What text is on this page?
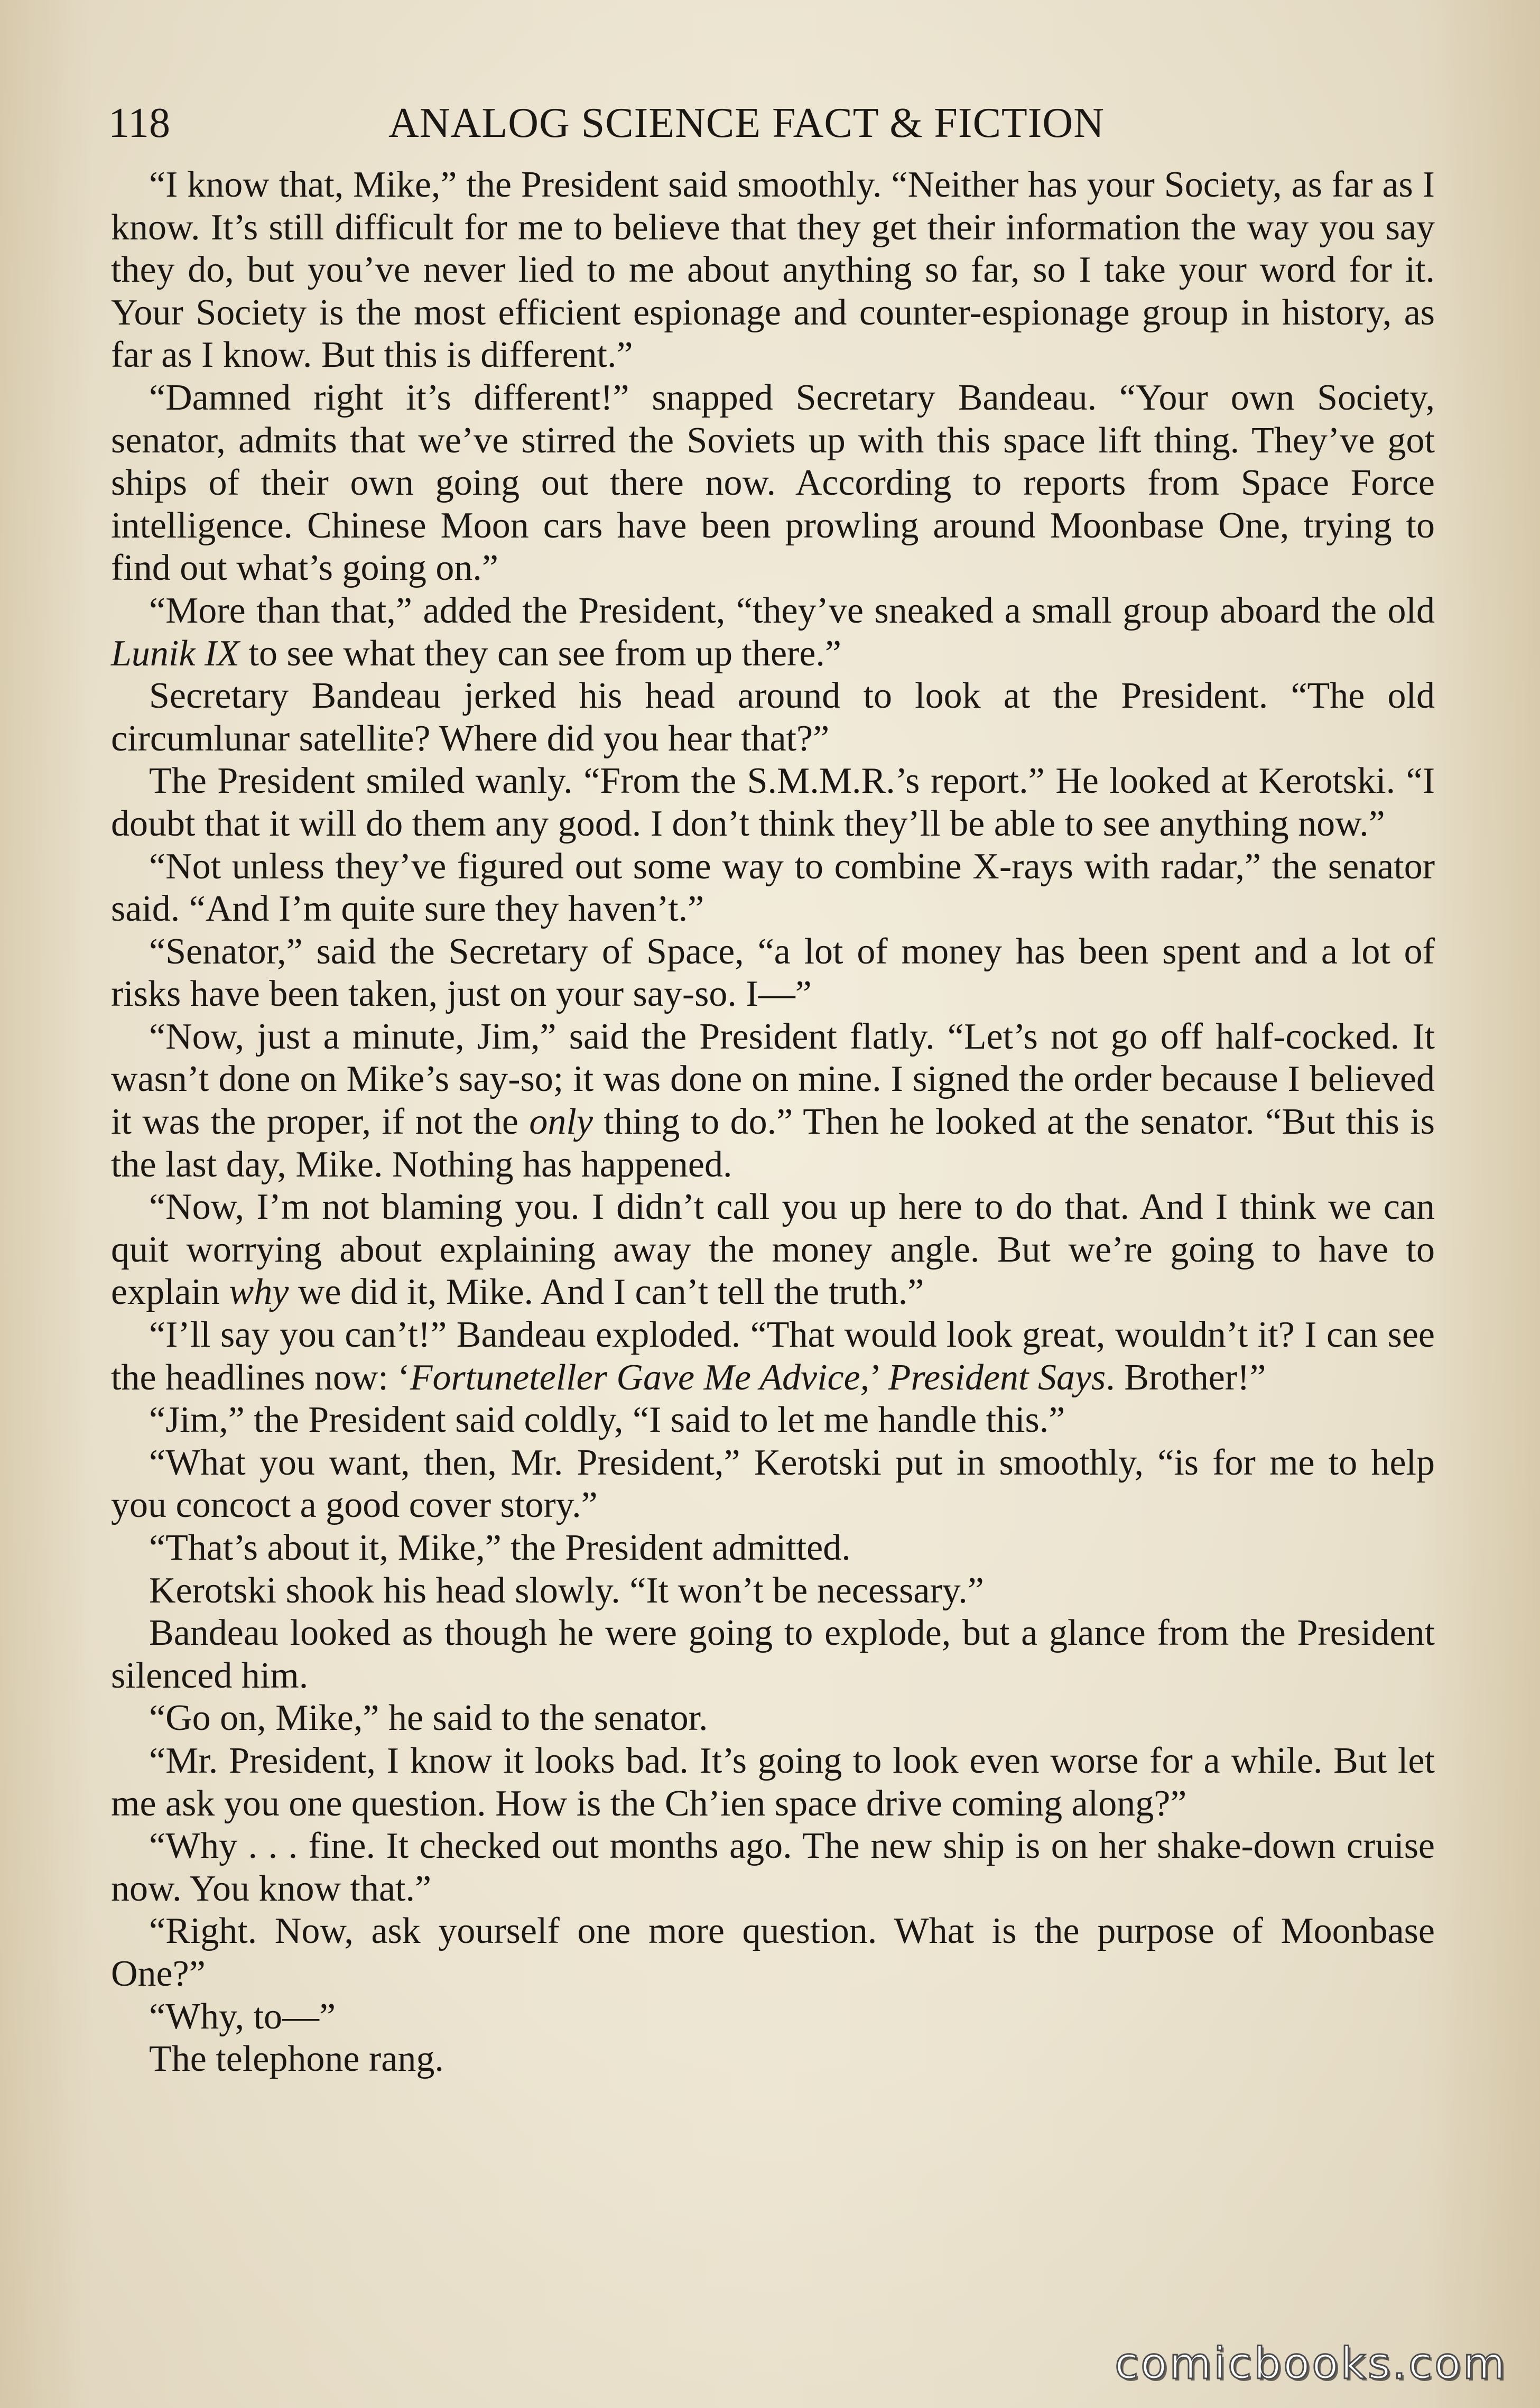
118	ANALOG SCIENCE FACT & FICTION

“I know that, Mike,” the President said smoothly. “Neither has your Society, as far as I know. It’s still difficult for me to believe that they get their information the way you say they do, but you’ve never lied to me about anything so far, so I take your word for it. Your Society is the most efficient espionage and counter-espionage group in history, as far as I know. But this is different.”

“Damned right it’s different!” snapped Secretary Bandeau. “Your own Society, senator, admits that we’ve stirred the Soviets up with this space lift thing. They’ve got ships of their own going out there now. According to reports from Space Force intelligence. Chinese Moon cars have been prowling around Moonbase One, trying to find out what’s going on.”

“More than that,” added the President, “they’ve sneaked a small group aboard the old Lunik IX to see what they can see from up there.”

Secretary Bandeau jerked his head around to look at the President. “The old circumlunar satellite? Where did you hear that?”

The President smiled wanly. “From the S.M.M.R.’s report.” He looked at Kerotski. “I doubt that it will do them any good. I don’t think they’ll be able to see anything now.”

“Not unless they’ve figured out some way to combine X-rays with radar,” the senator said. “And I’m quite sure they haven’t.”

“Senator,” said the Secretary of Space, “a lot of money has been spent and a lot of risks have been taken, just on your say-so. I—”

“Now, just a minute, Jim,” said the President flatly. “Let’s not go off half-cocked. It wasn’t done on Mike’s say-so; it was done on mine. I signed the order because I believed it was the proper, if not the only thing to do.” Then he looked at the senator. “But this is the last day, Mike. Nothing has happened.

“Now, I’m not blaming you. I didn’t call you up here to do that. And I think we can quit worrying about explaining away the money angle. But we’re going to have to explain why we did it, Mike. And I can’t tell the truth.”

“I’ll say you can’t!” Bandeau exploded. “That would look great, wouldn’t it? I can see the headlines now: ‘Fortuneteller Gave Me Advice,’ President Says. Brother!”

“Jim,” the President said coldly, “I said to let me handle this.”

“What you want, then, Mr. President,” Kerotski put in smoothly, “is for me to help you concoct a good cover story.”

“That’s about it, Mike,” the President admitted.

Kerotski shook his head slowly. “It won’t be necessary.”

Bandeau looked as though he were going to explode, but a glance from the President silenced him.

“Go on, Mike,” he said to the senator.

“Mr. President, I know it looks bad. It’s going to look even worse for a while. But let me ask you one question. How is the Ch’ien space drive coming along?”

“Why . . . fine. It checked out months ago. The new ship is on her shake-down cruise now. You know that.”

“Right. Now, ask yourself one more question. What is the purpose of Moonbase One?”

“Why, to—”

The telephone rang.

comicbooks.com
